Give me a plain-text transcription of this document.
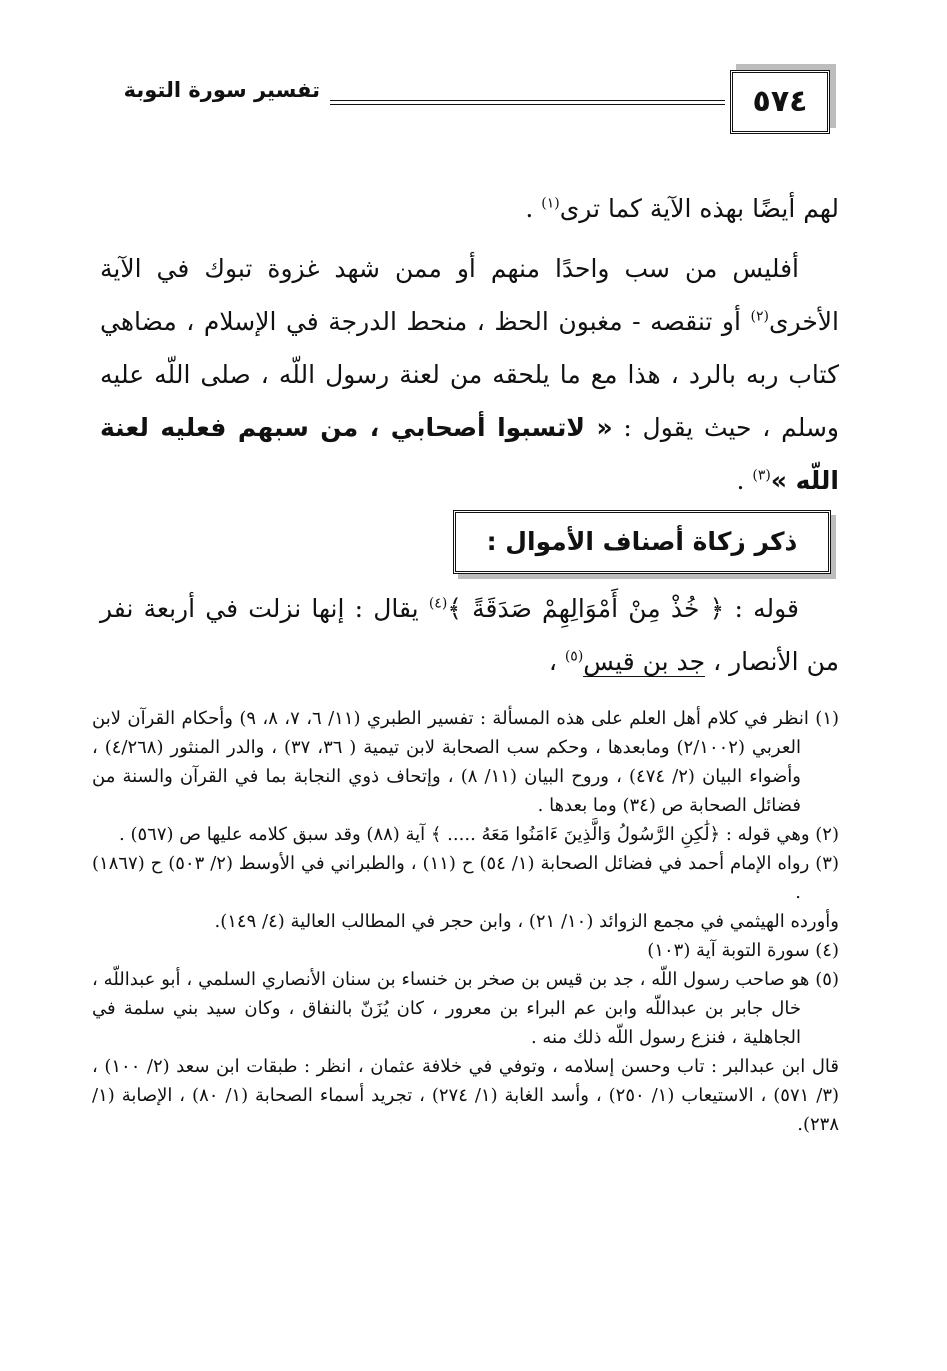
٥٧٤
تفسير سورة التوبة
لهم أيضًا بهذه الآية كما ترى$^{(١)}$ .
أفليس من سب واحدًا منهم أو ممن شهد غزوة تبوك في الآية الأخرى$^{(٢)}$ أو تنقصه - مغبون الحظ ، منحط الدرجة في الإسلام ، مضاهي كتاب ربه بالرد ، هذا مع ما يلحقه من لعنة رسول اللّه ، صلى اللّه عليه وسلم ، حيث يقول : « لاتسبوا أصحابي ، من سبهم فعليه لعنة اللّه »$^{(٣)}$ .
ذكر زكاة أصناف الأموال :
قوله : ﴿ خُذْ مِنْ أَمْوَالِهِمْ صَدَقَةً ﴾$^{(٤)}$ يقال : إنها نزلت في أربعة نفر من الأنصار ، جد بن قيس$^{(٥)}$ ،

(١) انظر في كلام أهل العلم على هذه المسألة : تفسير الطبري (١١/ ٦، ٧، ٨، ٩) وأحكام القرآن لابن العربي (٢/١٠٠٢) ومابعدها ، وحكم سب الصحابة لابن تيمية ( ٣٦، ٣٧) ، والدر المنثور (٤/٢٦٨) ، وأضواء البيان (٢/ ٤٧٤) ، وروح البيان (١١/ ٨) ، وإتحاف ذوي النجابة بما في القرآن والسنة من فضائل الصحابة ص (٣٤) وما بعدها .

(٢) وهي قوله : ﴿لَٰكِنِ الرَّسُولُ وَالَّذِينَ ءَامَنُوا مَعَهُ ..... ﴾ آية (٨٨) وقد سبق كلامه عليها ص (٥٦٧) .

(٣) رواه الإمام أحمد في فضائل الصحابة (١/ ٥٤) ح (١١) ، والطبراني في الأوسط (٢/ ٥٠٣) ح (١٨٦٧) .

وأورده الهيثمي في مجمع الزوائد (١٠/ ٢١) ، وابن حجر في المطالب العالية (٤/ ١٤٩).

(٤) سورة التوبة آية (١٠٣)

(٥) هو صاحب رسول اللّه ، جد بن قيس بن صخر بن خنساء بن سنان الأنصاري السلمي ، أبو عبداللّه ، خال جابر بن عبداللّه وابن عم البراء بن معرور ، كان يُزَنّ بالنفاق ، وكان سيد بني سلمة في الجاهلية ، فنزع رسول اللّه ذلك منه .

قال ابن عبدالبر : تاب وحسن إسلامه ، وتوفي في خلافة عثمان ، انظر : طبقات ابن سعد (٢/ ١٠٠) ، (٣/ ٥٧١) ، الاستيعاب (١/ ٢٥٠) ، وأسد الغابة (١/ ٢٧٤) ، تجريد أسماء الصحابة (١/ ٨٠) ، الإصابة (١/ ٢٣٨).
